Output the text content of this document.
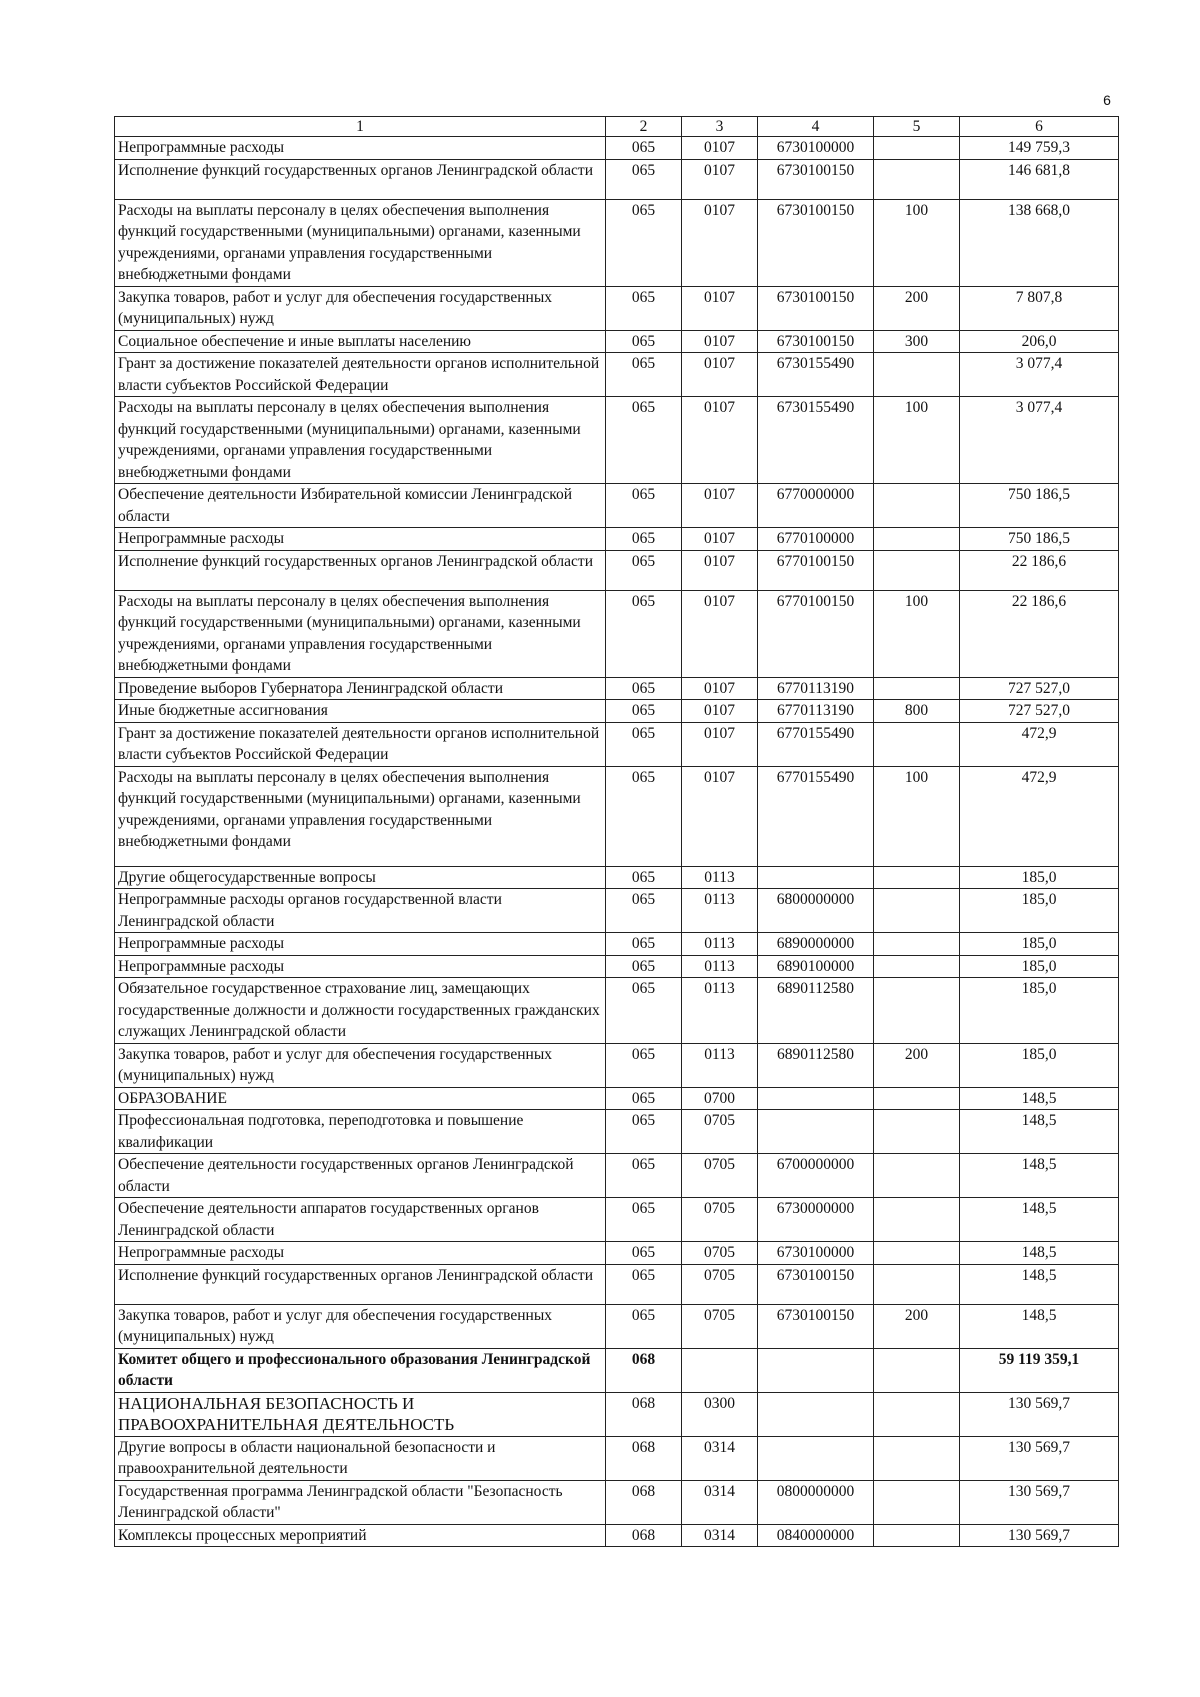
6
1	2	3	4	5	6
Непрограммные расходы	065	0107	6730100000		149 759,3
Исполнение функций государственных органов Ленинградской области	065	0107	6730100150		146 681,8
Расходы на выплаты персоналу в целях обеспечения выполнения функций государственными (муниципальными) органами, казенными учреждениями, органами управления государственными внебюджетными фондами	065	0107	6730100150	100	138 668,0
Закупка товаров, работ и услуг для обеспечения государственных (муниципальных) нужд	065	0107	6730100150	200	7 807,8
Социальное обеспечение и иные выплаты населению	065	0107	6730100150	300	206,0
Грант за достижение показателей деятельности органов исполнительной власти субъектов Российской Федерации	065	0107	6730155490		3 077,4
Расходы на выплаты персоналу в целях обеспечения выполнения функций государственными (муниципальными) органами, казенными учреждениями, органами управления государственными внебюджетными фондами	065	0107	6730155490	100	3 077,4
Обеспечение деятельности Избирательной комиссии Ленинградской области	065	0107	6770000000		750 186,5
Непрограммные расходы	065	0107	6770100000		750 186,5
Исполнение функций государственных органов Ленинградской области	065	0107	6770100150		22 186,6
Расходы на выплаты персоналу в целях обеспечения выполнения функций государственными (муниципальными) органами, казенными учреждениями, органами управления государственными внебюджетными фондами	065	0107	6770100150	100	22 186,6
Проведение выборов Губернатора Ленинградской области	065	0107	6770113190		727 527,0
Иные бюджетные ассигнования	065	0107	6770113190	800	727 527,0
Грант за достижение показателей деятельности органов исполнительной власти субъектов Российской Федерации	065	0107	6770155490		472,9
Расходы на выплаты персоналу в целях обеспечения выполнения функций государственными (муниципальными) органами, казенными учреждениями, органами управления государственными внебюджетными фондами	065	0107	6770155490	100	472,9
Другие общегосударственные вопросы	065	0113			185,0
Непрограммные расходы органов государственной власти Ленинградской области	065	0113	6800000000		185,0
Непрограммные расходы	065	0113	6890000000		185,0
Непрограммные расходы	065	0113	6890100000		185,0
Обязательное государственное страхование лиц, замещающих государственные должности и должности государственных гражданских служащих Ленинградской области	065	0113	6890112580		185,0
Закупка товаров, работ и услуг для обеспечения государственных (муниципальных) нужд	065	0113	6890112580	200	185,0
ОБРАЗОВАНИЕ	065	0700			148,5
Профессиональная подготовка, переподготовка и повышение квалификации	065	0705			148,5
Обеспечение деятельности государственных органов Ленинградской области	065	0705	6700000000		148,5
Обеспечение деятельности аппаратов государственных органов Ленинградской области	065	0705	6730000000		148,5
Непрограммные расходы	065	0705	6730100000		148,5
Исполнение функций государственных органов Ленинградской области	065	0705	6730100150		148,5
Закупка товаров, работ и услуг для обеспечения государственных (муниципальных) нужд	065	0705	6730100150	200	148,5
Комитет общего и профессионального образования Ленинградской области	068				59 119 359,1
НАЦИОНАЛЬНАЯ БЕЗОПАСНОСТЬ И ПРАВООХРАНИТЕЛЬНАЯ ДЕЯТЕЛЬНОСТЬ	068	0300			130 569,7
Другие вопросы в области национальной безопасности и правоохранительной деятельности	068	0314			130 569,7
Государственная программа Ленинградской области "Безопасность Ленинградской области"	068	0314	0800000000		130 569,7
Комплексы процессных мероприятий	068	0314	0840000000		130 569,7
